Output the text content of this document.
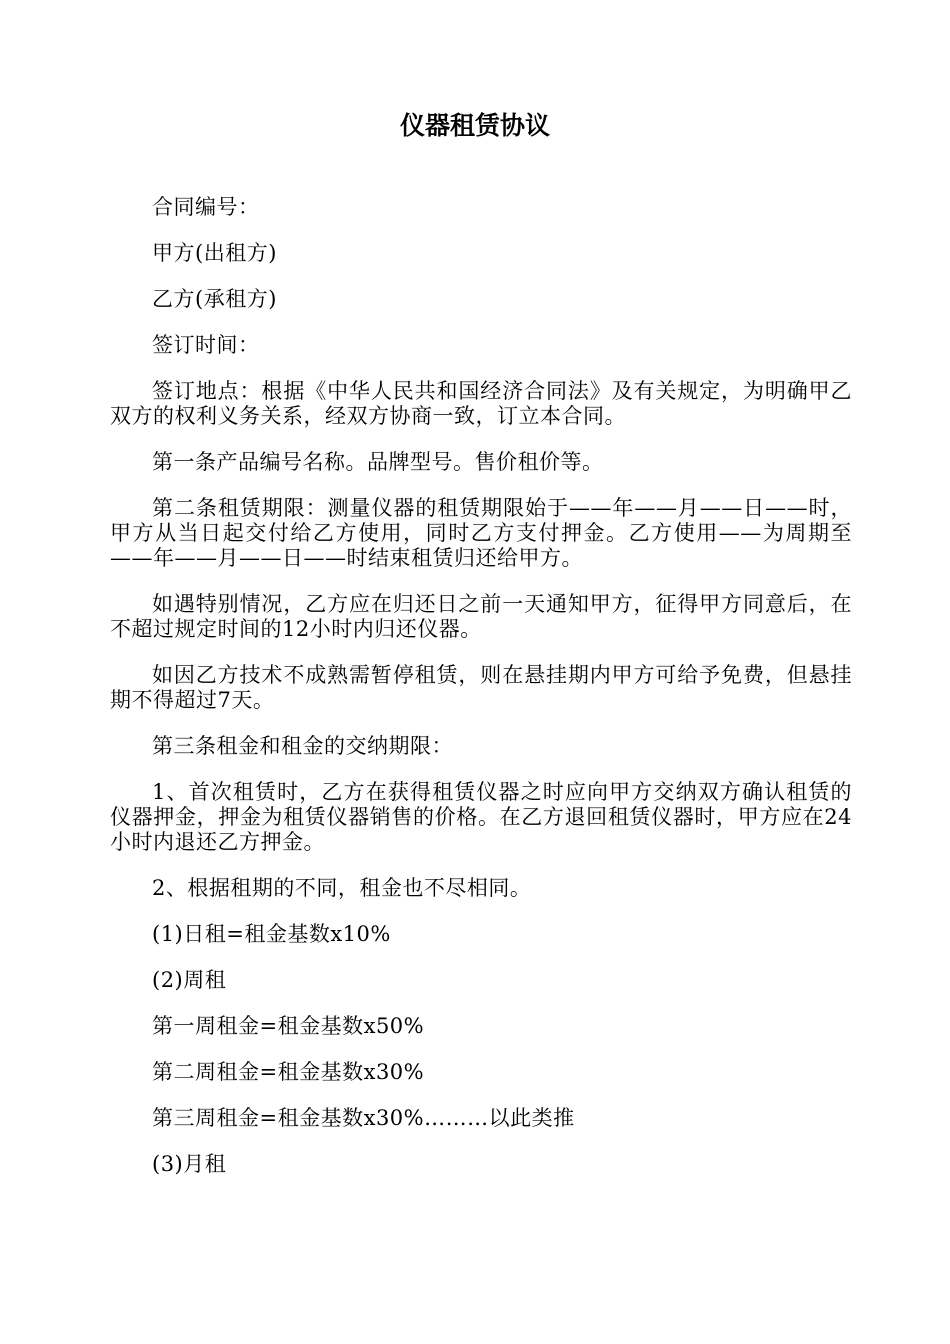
仪器租赁协议

合同编号：

甲方(出租方)

乙方(承租方)

签订时间：

签订地点：根据《中华人民共和国经济合同法》及有关规定，为明确甲乙双方的权利义务关系，经双方协商一致，订立本合同。

第一条产品编号名称。品牌型号。售价租价等。

第二条租赁期限：测量仪器的租赁期限始于——年——月——日——时，甲方从当日起交付给乙方使用，同时乙方支付押金。乙方使用——为周期至——年——月——日——时结束租赁归还给甲方。

如遇特别情况，乙方应在归还日之前一天通知甲方，征得甲方同意后，在不超过规定时间的12小时内归还仪器。

如因乙方技术不成熟需暂停租赁，则在悬挂期内甲方可给予免费，但悬挂期不得超过7天。

第三条租金和租金的交纳期限：

1、首次租赁时，乙方在获得租赁仪器之时应向甲方交纳双方确认租赁的仪器押金，押金为租赁仪器销售的价格。在乙方退回租赁仪器时，甲方应在24小时内退还乙方押金。

2、根据租期的不同，租金也不尽相同。

(1)日租=租金基数x10%

(2)周租

第一周租金=租金基数x50%

第二周租金=租金基数x30%

第三周租金=租金基数x30%………以此类推

(3)月租
